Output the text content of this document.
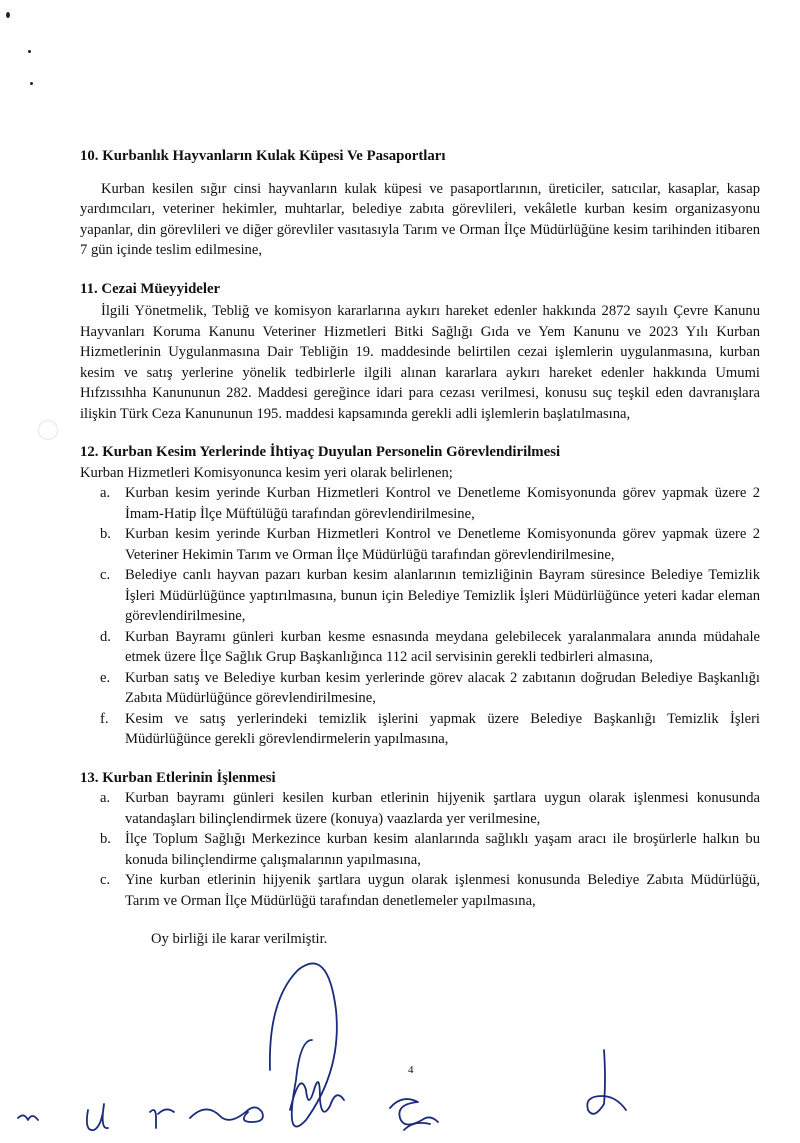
10. Kurbanlık Hayvanların Kulak Küpesi Ve Pasaportları

Kurban kesilen sığır cinsi hayvanların kulak küpesi ve pasaportlarının, üreticiler, satıcılar, kasaplar, kasap yardımcıları, veteriner hekimler, muhtarlar, belediye zabıta görevlileri, vekâletle kurban kesim organizasyonu yapanlar, din görevlileri ve diğer görevliler vasıtasıyla Tarım ve Orman İlçe Müdürlüğüne kesim tarihinden itibaren 7 gün içinde teslim edilmesine,

11. Cezai Müeyyideler

İlgili Yönetmelik, Tebliğ ve komisyon kararlarına aykırı hareket edenler hakkında 2872 sayılı Çevre Kanunu Hayvanları Koruma Kanunu Veteriner Hizmetleri Bitki Sağlığı Gıda ve Yem Kanunu ve 2023 Yılı Kurban Hizmetlerinin Uygulanmasına Dair Tebliğin 19. maddesinde belirtilen cezai işlemlerin uygulanmasına, kurban kesim ve satış yerlerine yönelik tedbirlerle ilgili alınan kararlara aykırı hareket edenler hakkında Umumi Hıfzıssıhha Kanununun 282. Maddesi gereğince idari para cezası verilmesi, konusu suç teşkil eden davranışlara ilişkin Türk Ceza Kanununun 195. maddesi kapsamında gerekli adli işlemlerin başlatılmasına,

12. Kurban Kesim Yerlerinde İhtiyaç Duyulan Personelin Görevlendirilmesi

Kurban Hizmetleri Komisyonunca kesim yeri olarak belirlenen;

a. Kurban kesim yerinde Kurban Hizmetleri Kontrol ve Denetleme Komisyonunda görev yapmak üzere 2 İmam-Hatip İlçe Müftülüğü tarafından görevlendirilmesine,
b. Kurban kesim yerinde Kurban Hizmetleri Kontrol ve Denetleme Komisyonunda görev yapmak üzere 2 Veteriner Hekimin Tarım ve Orman İlçe Müdürlüğü tarafından görevlendirilmesine,
c. Belediye canlı hayvan pazarı kurban kesim alanlarının temizliğinin Bayram süresince Belediye Temizlik İşleri Müdürlüğünce yaptırılmasına, bunun için Belediye Temizlik İşleri Müdürlüğünce yeteri kadar eleman görevlendirilmesine,
d. Kurban Bayramı günleri kurban kesme esnasında meydana gelebilecek yaralanmalara anında müdahale etmek üzere İlçe Sağlık Grup Başkanlığınca 112 acil servisinin gerekli tedbirleri almasına,
e. Kurban satış ve Belediye kurban kesim yerlerinde görev alacak 2 zabıtanın doğrudan Belediye Başkanlığı Zabıta Müdürlüğünce görevlendirilmesine,
f. Kesim ve satış yerlerindeki temizlik işlerini yapmak üzere Belediye Başkanlığı Temizlik İşleri Müdürlüğünce gerekli görevlendirmelerin yapılmasına,
13. Kurban Etlerinin İşlenmesi
a. Kurban bayramı günleri kesilen kurban etlerinin hijyenik şartlara uygun olarak işlenmesi konusunda vatandaşları bilinçlendirmek üzere (konuya) vaazlarda yer verilmesine,
b. İlçe Toplum Sağlığı Merkezince kurban kesim alanlarında sağlıklı yaşam aracı ile broşürlerle halkın bu konuda bilinçlendirme çalışmalarının yapılmasına,
c. Yine kurban etlerinin hijyenik şartlara uygun olarak işlenmesi konusunda Belediye Zabıta Müdürlüğü, Tarım ve Orman İlçe Müdürlüğü tarafından denetlemeler yapılmasına,

Oy birliği ile karar verilmiştir.

4
